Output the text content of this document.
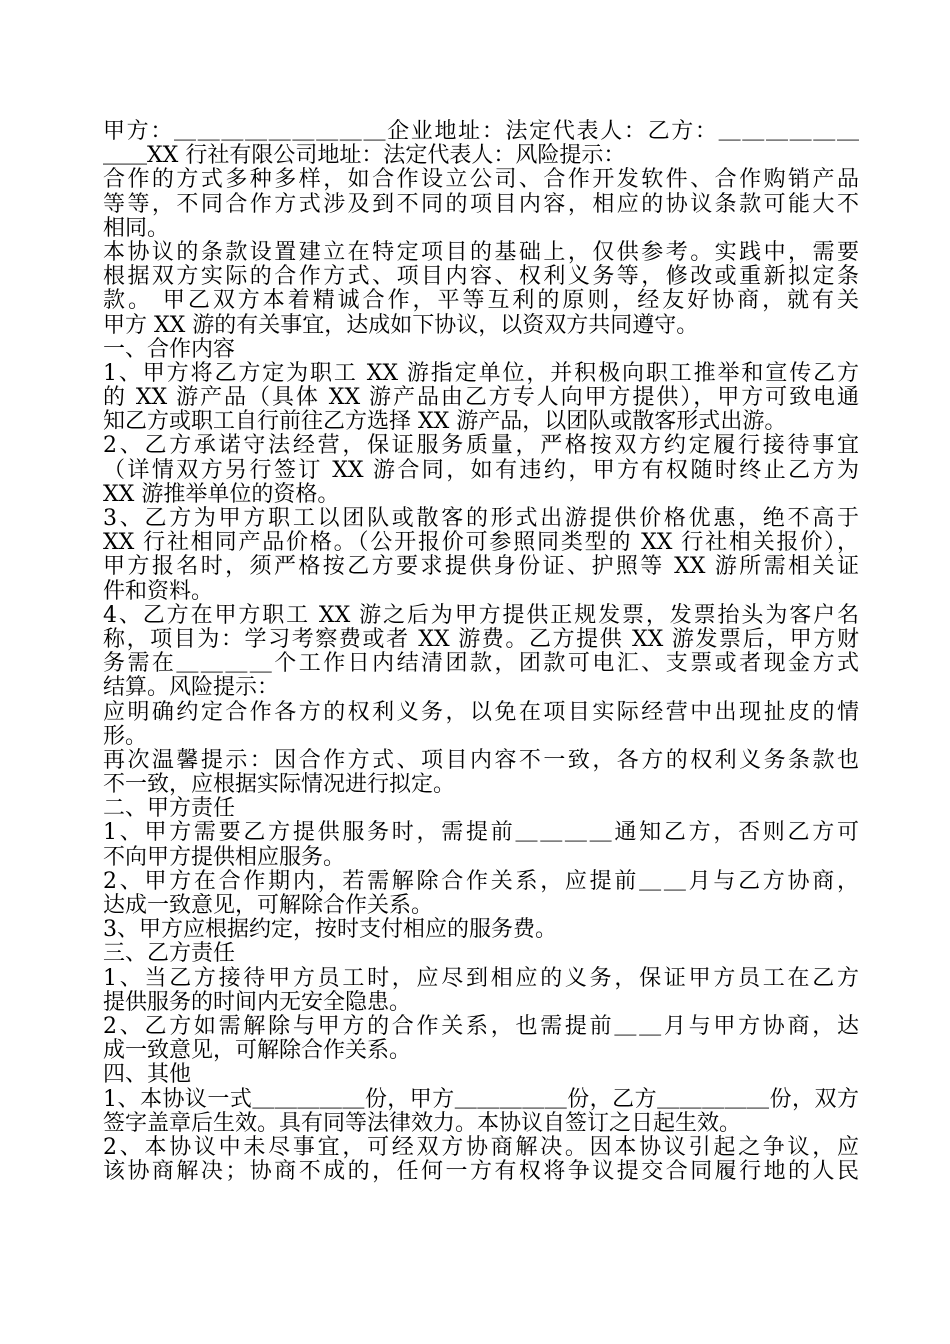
甲方：＿＿＿＿＿＿＿＿＿企业地址：法定代表人：乙方：＿＿＿＿＿＿
＿＿XX 行社有限公司地址：法定代表人：风险提示：
合作的方式多种多样，如合作设立公司、合作开发软件、合作购销产品
等等，不同合作方式涉及到不同的项目内容，相应的协议条款可能大不
相同。
本协议的条款设置建立在特定项目的基础上，仅供参考。实践中，需要
根据双方实际的合作方式、项目内容、权利义务等，修改或重新拟定条
款。 甲乙双方本着精诚合作，平等互利的原则，经友好协商，就有关
甲方 XX 游的有关事宜，达成如下协议，以资双方共同遵守。
一、合作内容
1、甲方将乙方定为职工 XX 游指定单位，并积极向职工推举和宣传乙方
的 XX 游产品（具体 XX 游产品由乙方专人向甲方提供），甲方可致电通
知乙方或职工自行前往乙方选择 XX 游产品，以团队或散客形式出游。
2、乙方承诺守法经营，保证服务质量，严格按双方约定履行接待事宜
（详情双方另行签订 XX 游合同，如有违约，甲方有权随时终止乙方为
XX 游推举单位的资格。
3、乙方为甲方职工以团队或散客的形式出游提供价格优惠，绝不高于
XX 行社相同产品价格。（公开报价可参照同类型的 XX 行社相关报价），
甲方报名时，须严格按乙方要求提供身份证、护照等 XX 游所需相关证
件和资料。
4、乙方在甲方职工 XX 游之后为甲方提供正规发票，发票抬头为客户名
称，项目为：学习考察费或者 XX 游费。乙方提供 XX 游发票后，甲方财
务需在＿＿＿＿个工作日内结清团款，团款可电汇、支票或者现金方式
结算。风险提示：
应明确约定合作各方的权利义务，以免在项目实际经营中出现扯皮的情
形。
再次温馨提示：因合作方式、项目内容不一致，各方的权利义务条款也
不一致，应根据实际情况进行拟定。
二、甲方责任
1、甲方需要乙方提供服务时，需提前＿＿＿＿通知乙方，否则乙方可
不向甲方提供相应服务。
2、甲方在合作期内，若需解除合作关系，应提前＿＿月与乙方协商，
达成一致意见，可解除合作关系。
3、甲方应根据约定，按时支付相应的服务费。
三、乙方责任
1、当乙方接待甲方员工时，应尽到相应的义务，保证甲方员工在乙方
提供服务的时间内无安全隐患。
2、乙方如需解除与甲方的合作关系，也需提前＿＿月与甲方协商，达
成一致意见，可解除合作关系。
四、其他
1、本协议一式＿＿＿＿＿份，甲方＿＿＿＿＿份，乙方＿＿＿＿＿份，双方
签字盖章后生效。具有同等法律效力。本协议自签订之日起生效。
2、本协议中未尽事宜，可经双方协商解决。因本协议引起之争议，应
该协商解决；协商不成的，任何一方有权将争议提交合同履行地的人民
